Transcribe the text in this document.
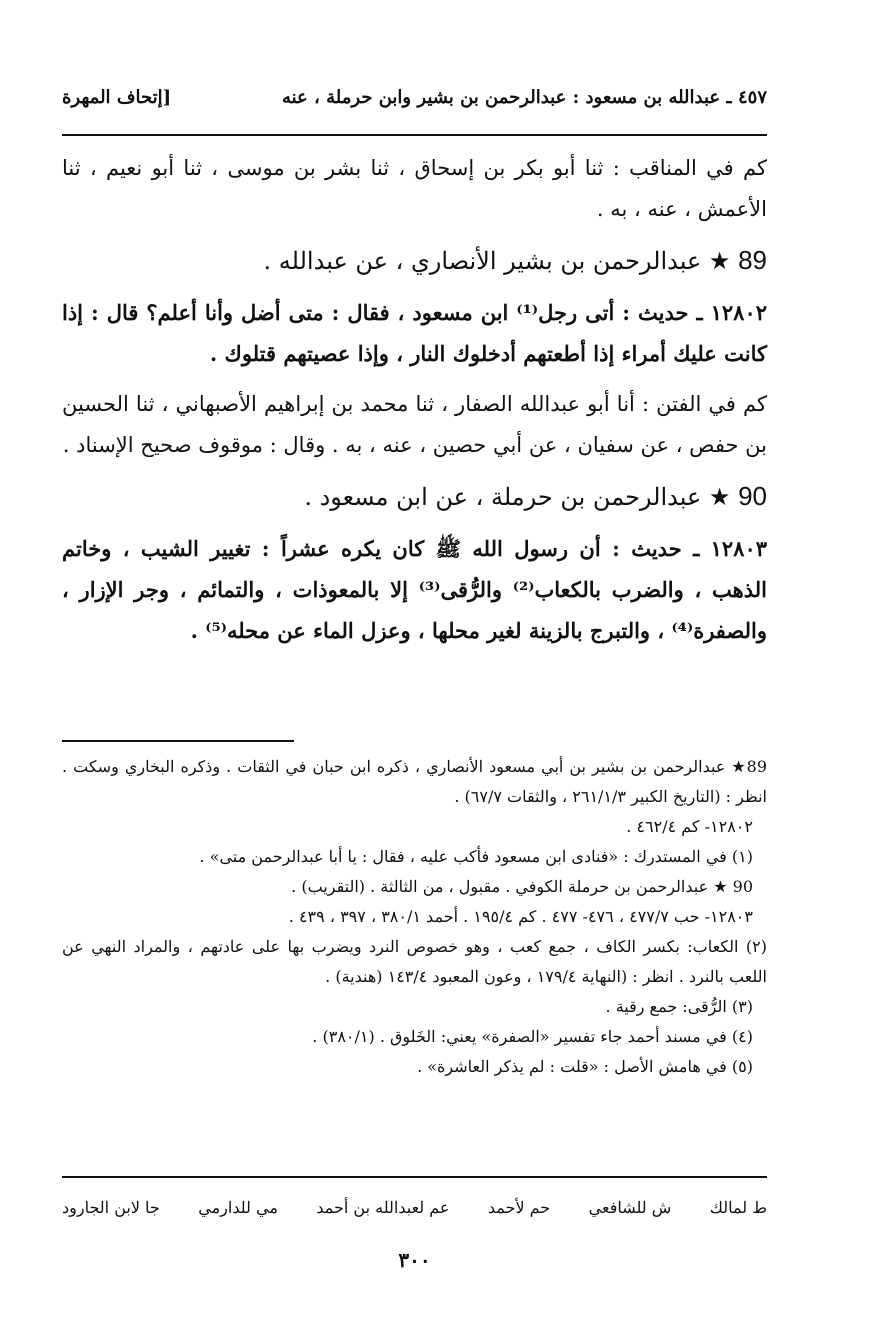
٤٥٧ ـ عبدالله بن مسعود : عبدالرحمن بن بشير وابن حرملة ، عنه
[إتحاف المهرة

كم في المناقب : ثنا أبو بكر بن إسحاق ، ثنا بشر بن موسى ، ثنا أبو نعيم ، ثنا الأعمش ، عنه ، به .

89 ★ عبدالرحمن بن بشير الأنصاري ، عن عبدالله .

١٢٨٠٢ ـ حديث : أتى رجل⁽¹⁾ ابن مسعود ، فقال : متى أضل وأنا أعلم؟ قال : إذا كانت عليك أمراء إذا أطعتهم أدخلوك النار ، وإذا عصيتهم قتلوك .

كم في الفتن : أنا أبو عبدالله الصفار ، ثنا محمد بن إبراهيم الأصبهاني ، ثنا الحسين بن حفص ، عن سفيان ، عن أبي حصين ، عنه ، به . وقال : موقوف صحيح الإسناد .

90 ★ عبدالرحمن بن حرملة ، عن ابن مسعود .

١٢٨٠٣ ـ حديث : أن رسول الله ﷺ كان يكره عشراً : تغيير الشيب ، وخاتم الذهب ، والضرب بالكعاب⁽²⁾ والرُّقى⁽³⁾ إلا بالمعوذات ، والتمائم ، وجر الإزار ، والصفرة⁽⁴⁾ ، والتبرج بالزينة لغير محلها ، وعزل الماء عن محله⁽⁵⁾ .

89★ عبدالرحمن بن بشير بن أبي مسعود الأنصاري ، ذكره ابن حبان في الثقات . وذكره البخاري وسكت . انظر : (التاريخ الكبير ٢٦١/١/٣ ، والثقات ٦٧/٧) .

١٢٨٠٢- كم ٤٦٢/٤ .

(١) في المستدرك : «فنادى ابن مسعود فأكب عليه ، فقال : يا أبا عبدالرحمن متى» .

90 ★ عبدالرحمن بن حرملة الكوفي . مقبول ، من الثالثة . (التقريب) .

١٢٨٠٣- حب ٤٧٧/٧ ، ٤٧٦- ٤٧٧ . كم ١٩٥/٤ . أحمد ٣٨٠/١ ، ٣٩٧ ، ٤٣٩ .

(٢) الكعاب: بكسر الكاف ، جمع كعب ، وهو خصوص النرد ويضرب بها على عادتهم ، والمراد النهي عن اللعب بالنرد . انظر : (النهاية ١٧٩/٤ ، وعون المعبود ١٤٣/٤ (هندية) .

(٣) الرُّقى: جمع رقية .

(٤) في مسند أحمد جاء تفسير «الصفرة» يعني: الخَلوق . (٣٨٠/١) .

(٥) في هامش الأصل : «قلت : لم يذكر العاشرة» .

ط لمالك
ش للشافعي
حم لأحمد
عم لعبدالله بن أحمد
مي للدارمي
جا لابن الجارود
٣٠٠
